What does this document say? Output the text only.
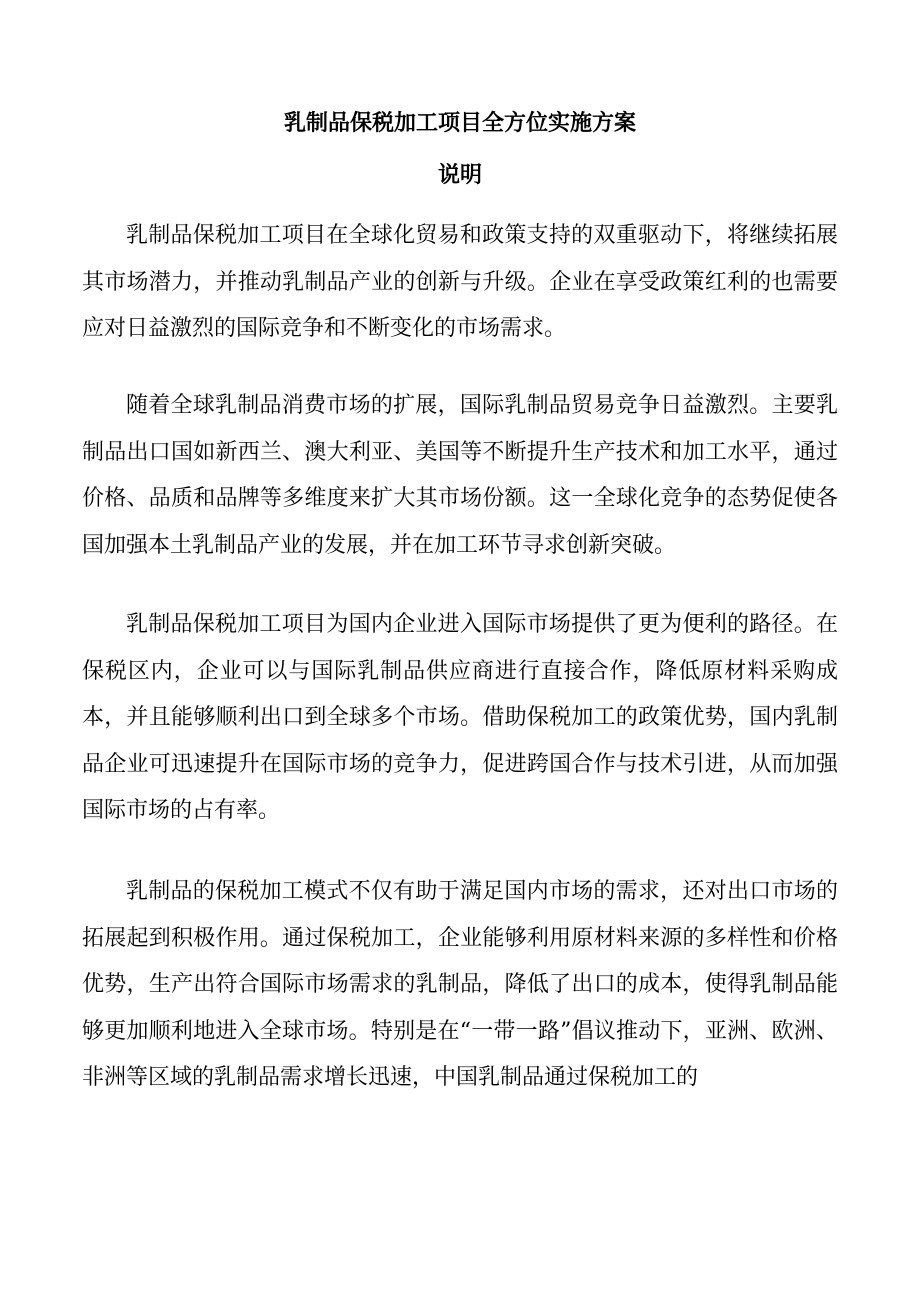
乳制品保税加工项目全方位实施方案
说明

乳制品保税加工项目在全球化贸易和政策支持的双重驱动下，将继续拓展其市场潜力，并推动乳制品产业的创新与升级。企业在享受政策红利的也需要应对日益激烈的国际竞争和不断变化的市场需求。

随着全球乳制品消费市场的扩展，国际乳制品贸易竞争日益激烈。主要乳制品出口国如新西兰、澳大利亚、美国等不断提升生产技术和加工水平，通过价格、品质和品牌等多维度来扩大其市场份额。这一全球化竞争的态势促使各国加强本土乳制品产业的发展，并在加工环节寻求创新突破。

乳制品保税加工项目为国内企业进入国际市场提供了更为便利的路径。在保税区内，企业可以与国际乳制品供应商进行直接合作，降低原材料采购成本，并且能够顺利出口到全球多个市场。借助保税加工的政策优势，国内乳制品企业可迅速提升在国际市场的竞争力，促进跨国合作与技术引进，从而加强国际市场的占有率。

乳制品的保税加工模式不仅有助于满足国内市场的需求，还对出口市场的拓展起到积极作用。通过保税加工，企业能够利用原材料来源的多样性和价格优势，生产出符合国际市场需求的乳制品，降低了出口的成本，使得乳制品能够更加顺利地进入全球市场。特别是在“一带一路”倡议推动下，亚洲、欧洲、非洲等区域的乳制品需求增长迅速，中国乳制品通过保税加工的
